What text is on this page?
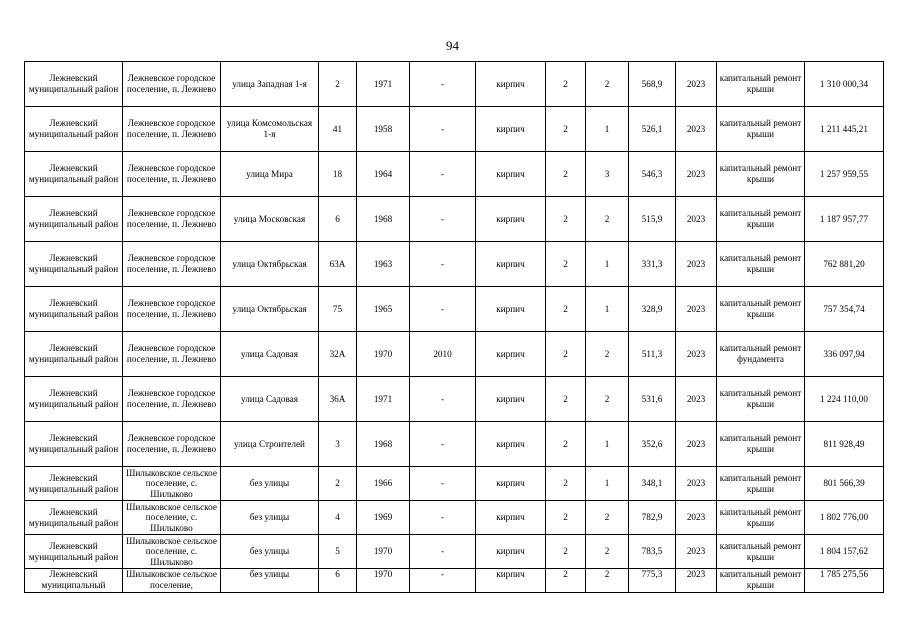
94
Лежневский муниципальный район	Лежневское городское поселение, п. Лежнево	улица Западная 1-я	2	1971	-	кирпич	2	2	568,9	2023	капитальный ремонт крыши	1 310 000,34
Лежневский муниципальный район	Лежневское городское поселение, п. Лежнево	улица Комсомольская 1-я	41	1958	-	кирпич	2	1	526,1	2023	капитальный ремонт крыши	1 211 445,21
Лежневский муниципальный район	Лежневское городское поселение, п. Лежнево	улица Мира	18	1964	-	кирпич	2	3	546,3	2023	капитальный ремонт крыши	1 257 959,55
Лежневский муниципальный район	Лежневское городское поселение, п. Лежнево	улица Московская	6	1968	-	кирпич	2	2	515,9	2023	капитальный ремонт крыши	1 187 957,77
Лежневский муниципальный район	Лежневское городское поселение, п. Лежнево	улица Октябрьская	63А	1963	-	кирпич	2	1	331,3	2023	капитальный ремонт крыши	762 881,20
Лежневский муниципальный район	Лежневское городское поселение, п. Лежнево	улица Октябрьская	75	1965	-	кирпич	2	1	328,9	2023	капитальный ремонт крыши	757 354,74
Лежневский муниципальный район	Лежневское городское поселение, п. Лежнево	улица Садовая	32А	1970	2010	кирпич	2	2	511,3	2023	капитальный ремонт фундамента	336 097,94
Лежневский муниципальный район	Лежневское городское поселение, п. Лежнево	улица Садовая	36А	1971	-	кирпич	2	2	531,6	2023	капитальный ремонт крыши	1 224 110,00
Лежневский муниципальный район	Лежневское городское поселение, п. Лежнево	улица Строителей	3	1968	-	кирпич	2	1	352,6	2023	капитальный ремонт крыши	811 928,49
Лежневский муниципальный район	Шилыковское сельское поселение, с. Шилыково	без улицы	2	1966	-	кирпич	2	1	348,1	2023	капитальный ремонт крыши	801 566,39
Лежневский муниципальный район	Шилыковское сельское поселение, с. Шилыково	без улицы	4	1969	-	кирпич	2	2	782,9	2023	капитальный ремонт крыши	1 802 776,00
Лежневский муниципальный район	Шилыковское сельское поселение, с. Шилыково	без улицы	5	1970	-	кирпич	2	2	783,5	2023	капитальный ремонт крыши	1 804 157,62
Лежневский муниципальный	Шилыковское сельское поселение,	без улицы	6	1970	-	кирпич	2	2	775,3	2023	капитальный ремонт крыши	1 785 275,56
